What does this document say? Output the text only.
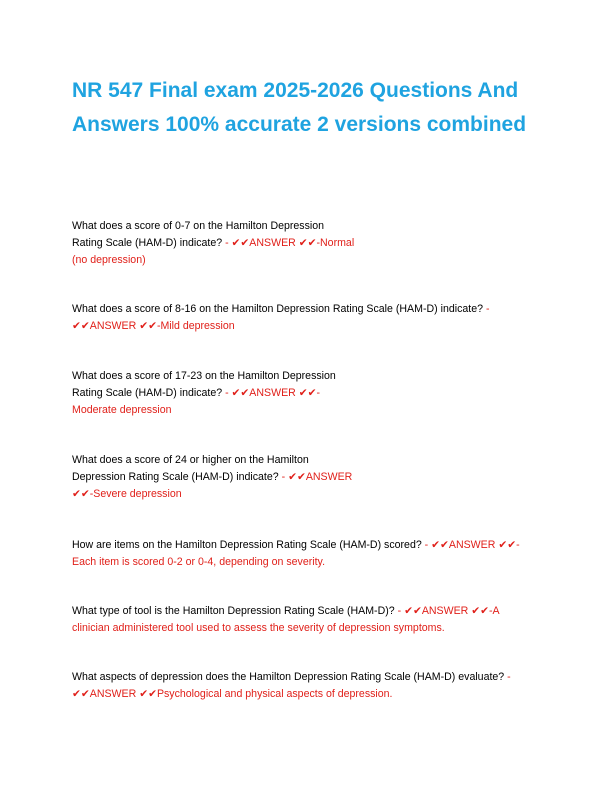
NR 547 Final exam 2025-2026 Questions And
Answers 100% accurate 2 versions combined
What does a score of 0-7 on the Hamilton Depression
Rating Scale (HAM-D) indicate? - ✔✔ANSWER ✔✔-Normal
(no depression)
What does a score of 8-16 on the Hamilton Depression Rating Scale (HAM-D) indicate? -
✔✔ANSWER ✔✔-Mild depression
What does a score of 17-23 on the Hamilton Depression
Rating Scale (HAM-D) indicate? - ✔✔ANSWER ✔✔-
Moderate depression
What does a score of 24 or higher on the Hamilton
Depression Rating Scale (HAM-D) indicate? - ✔✔ANSWER
✔✔-Severe depression
How are items on the Hamilton Depression Rating Scale (HAM-D) scored? - ✔✔ANSWER ✔✔-
Each item is scored 0-2 or 0-4, depending on severity.
What type of tool is the Hamilton Depression Rating Scale (HAM-D)? - ✔✔ANSWER ✔✔-A
clinician administered tool used to assess the severity of depression symptoms.
What aspects of depression does the Hamilton Depression Rating Scale (HAM-D) evaluate? -
✔✔ANSWER ✔✔Psychological and physical aspects of depression.
